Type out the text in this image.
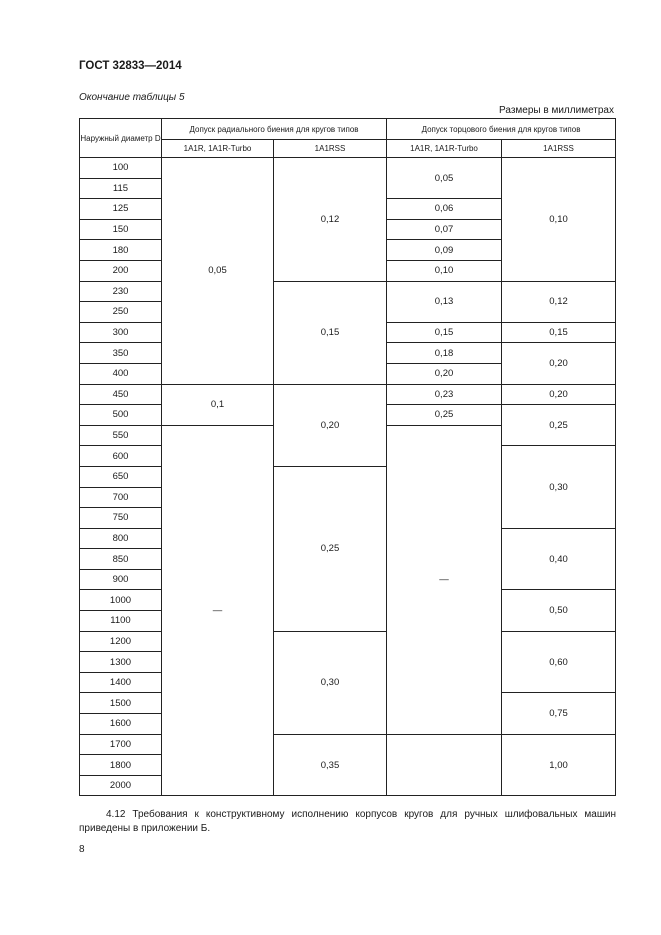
ГОСТ 32833—2014
Окончание таблицы 5
Размеры в миллиметрах
Наружный диаметр D	Допуск радиального биения для кругов типов		Допуск торцового биения для кругов типов	
	1A1R, 1A1R-Turbo	1A1RSS	1A1R, 1A1R-Turbo	1A1RSS
100	0,05	0,12	0,05	0,10
115				
125			0,06	
150			0,07	
180			0,09	
200			0,10	
230		0,15	0,13	0,12
250				
300			0,15	0,15
350			0,18	0,20
400			0,20	
450	0,1	0,20	0,23	0,20
500			0,25	0,25
550	—		—	
600				0,30
650		0,25		
700				
750				
800				0,40
850				
900				
1000				0,50
1100				
1200		0,30		0,60
1300				
1400				
1500				0,75
1600				
1700		0,35		1,00
1800				
2000				
4.12 Требования к конструктивному исполнению корпусов кругов для ручных шлифовальных машин приведены в приложении Б.
8
